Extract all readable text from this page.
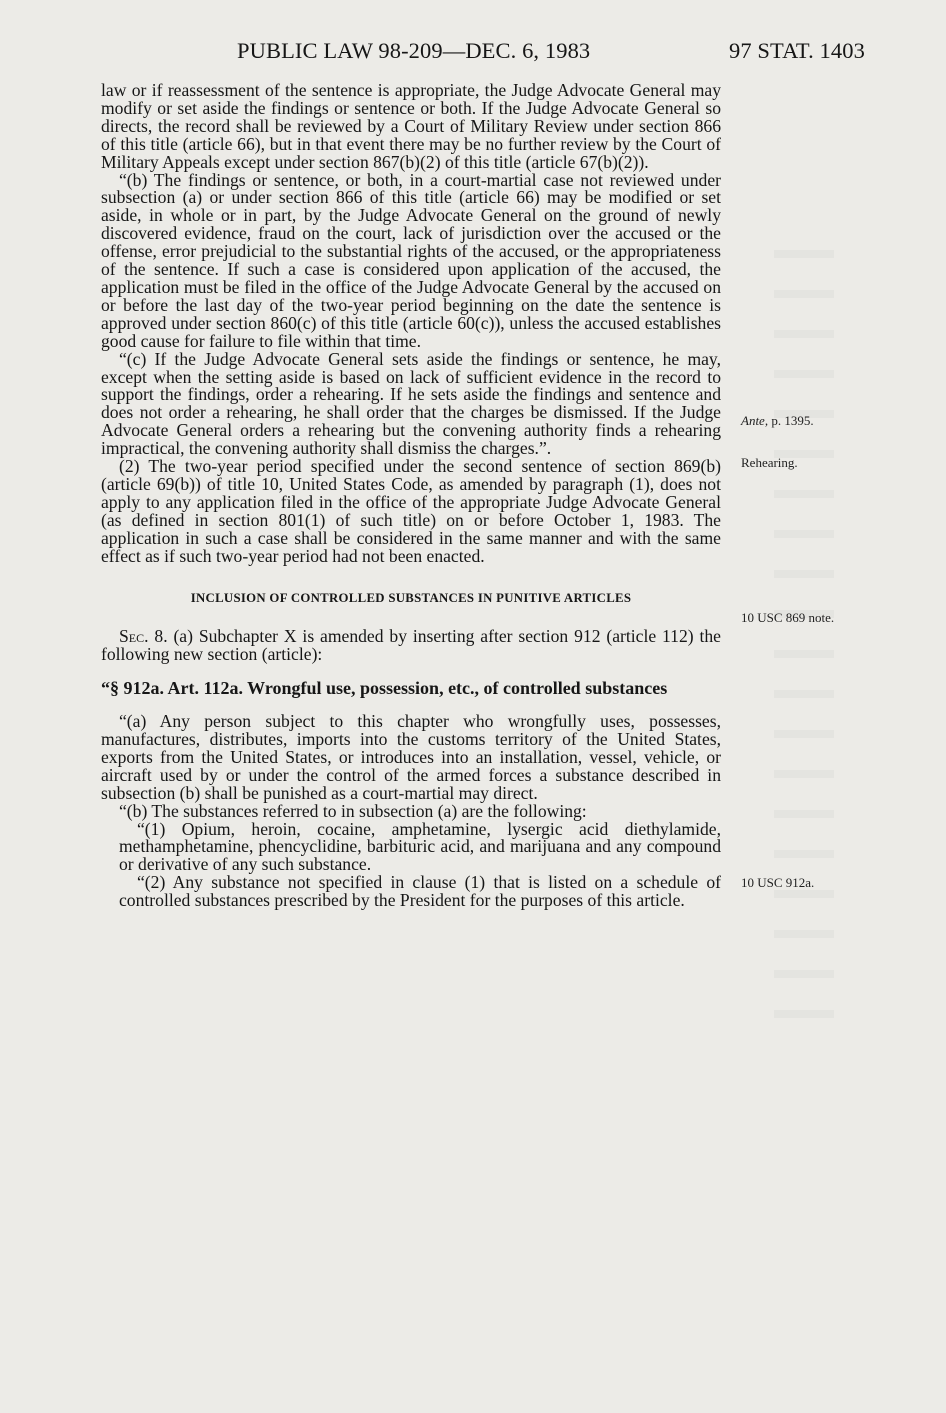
PUBLIC LAW 98-209—DEC. 6, 1983	97 STAT. 1403

law or if reassessment of the sentence is appropriate, the Judge Advocate General may modify or set aside the findings or sentence or both. If the Judge Advocate General so directs, the record shall be reviewed by a Court of Military Review under section 866 of this title (article 66), but in that event there may be no further review by the Court of Military Appeals except under section 867(b)(2) of this title (article 67(b)(2)).

“(b) The findings or sentence, or both, in a court-martial case not reviewed under subsection (a) or under section 866 of this title (article 66) may be modified or set aside, in whole or in part, by the Judge Advocate General on the ground of newly discovered evidence, fraud on the court, lack of jurisdiction over the accused or the offense, error prejudicial to the substantial rights of the accused, or the appropriateness of the sentence. If such a case is considered upon application of the accused, the application must be filed in the office of the Judge Advocate General by the accused on or before the last day of the two-year period beginning on the date the sentence is approved under section 860(c) of this title (article 60(c)), unless the accused establishes good cause for failure to file within that time.

“(c) If the Judge Advocate General sets aside the findings or sentence, he may, except when the setting aside is based on lack of sufficient evidence in the record to support the findings, order a rehearing. If he sets aside the findings and sentence and does not order a rehearing, he shall order that the charges be dismissed. If the Judge Advocate General orders a rehearing but the convening authority finds a rehearing impractical, the convening authority shall dismiss the charges.”.

(2) The two-year period specified under the second sentence of section 869(b) (article 69(b)) of title 10, United States Code, as amended by paragraph (1), does not apply to any application filed in the office of the appropriate Judge Advocate General (as defined in section 801(1) of such title) on or before October 1, 1983. The application in such a case shall be considered in the same manner and with the same effect as if such two-year period had not been enacted.

INCLUSION OF CONTROLLED SUBSTANCES IN PUNITIVE ARTICLES

Sec. 8. (a) Subchapter X is amended by inserting after section 912 (article 112) the following new section (article):

“§ 912a. Art. 112a. Wrongful use, possession, etc., of controlled substances

“(a) Any person subject to this chapter who wrongfully uses, possesses, manufactures, distributes, imports into the customs territory of the United States, exports from the United States, or introduces into an installation, vessel, vehicle, or aircraft used by or under the control of the armed forces a substance described in subsection (b) shall be punished as a court-martial may direct.

“(b) The substances referred to in subsection (a) are the following:

“(1) Opium, heroin, cocaine, amphetamine, lysergic acid diethylamide, methamphetamine, phencyclidine, barbituric acid, and marijuana and any compound or derivative of any such substance.

“(2) Any substance not specified in clause (1) that is listed on a schedule of controlled substances prescribed by the President for the purposes of this article.

Ante, p. 1395.
Rehearing.
10 USC 869 note.
10 USC 912a.
